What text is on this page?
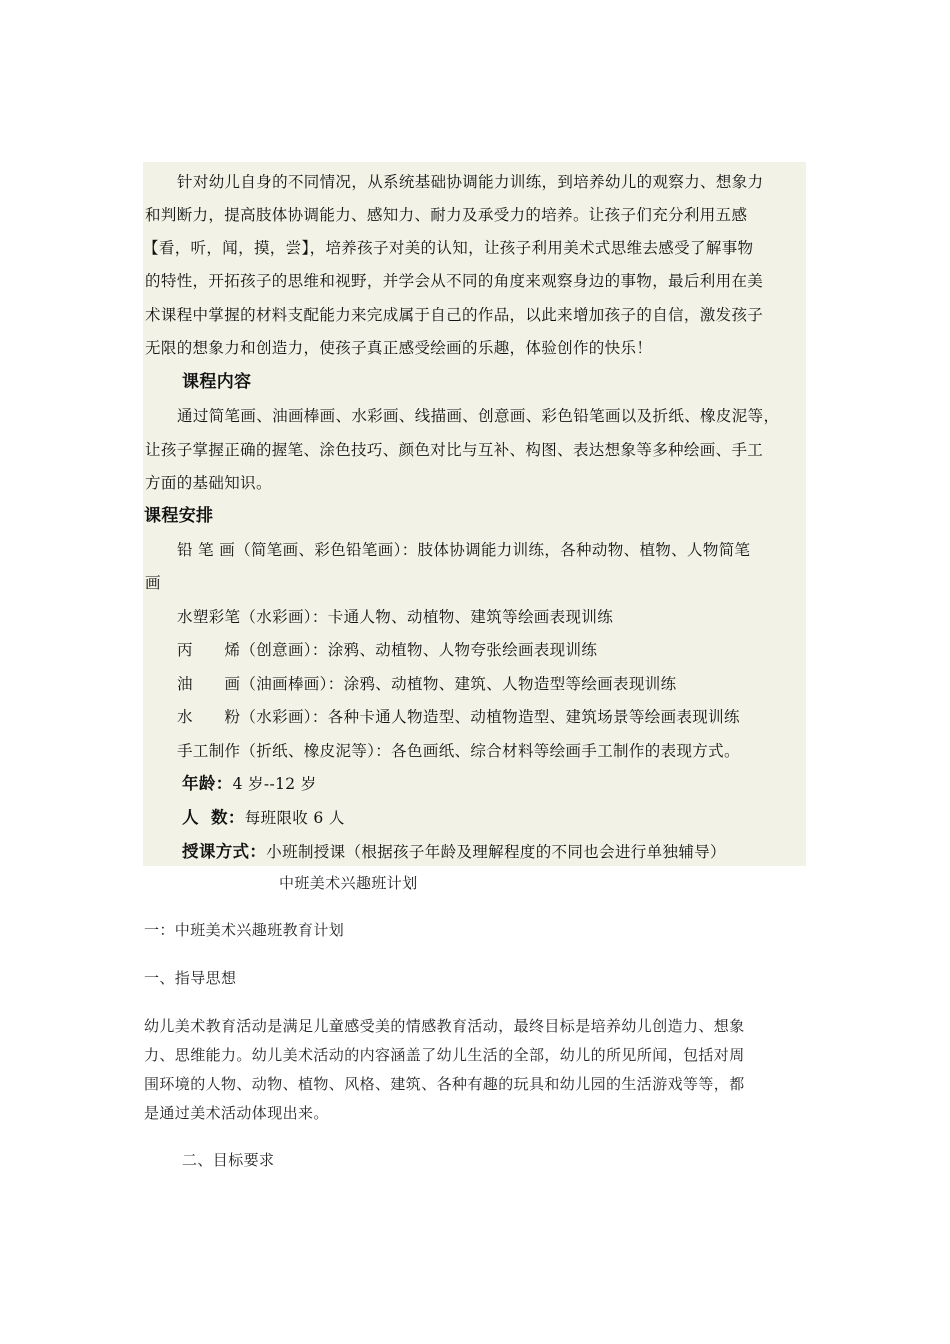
针对幼儿自身的不同情况，从系统基础协调能力训练，到培养幼儿的观察力、想象力
和判断力，提高肢体协调能力、感知力、耐力及承受力的培养。让孩子们充分利用五感
【看，听，闻，摸，尝】，培养孩子对美的认知，让孩子利用美术式思维去感受了解事物
的特性，开拓孩子的思维和视野，并学会从不同的角度来观察身边的事物，最后利用在美
术课程中掌握的材料支配能力来完成属于自己的作品，以此来增加孩子的自信，激发孩子
无限的想象力和创造力，使孩子真正感受绘画的乐趣，体验创作的快乐！
课程内容
通过简笔画、油画棒画、水彩画、线描画、创意画、彩色铅笔画以及折纸、橡皮泥等，
让孩子掌握正确的握笔、涂色技巧、颜色对比与互补、构图、表达想象等多种绘画、手工
方面的基础知识。
课程安排
铅 笔 画（简笔画、彩色铅笔画）：肢体协调能力训练，各种动物、植物、人物简笔
画
水塑彩笔（水彩画）：卡通人物、动植物、建筑等绘画表现训练
丙　　烯（创意画）：涂鸦、动植物、人物夸张绘画表现训练
油　　画（油画棒画）：涂鸦、动植物、建筑、人物造型等绘画表现训练
水　　粉（水彩画）：各种卡通人物造型、动植物造型、建筑场景等绘画表现训练
手工制作（折纸、橡皮泥等）：各色画纸、综合材料等绘画手工制作的表现方式。
年龄：4 岁--12 岁
人  数：每班限收 6 人
授课方式：小班制授课（根据孩子年龄及理解程度的不同也会进行单独辅导）
中班美术兴趣班计划
一：中班美术兴趣班教育计划
一、指导思想
幼儿美术教育活动是满足儿童感受美的情感教育活动，最终目标是培养幼儿创造力、想象
力、思维能力。幼儿美术活动的内容涵盖了幼儿生活的全部，幼儿的所见所闻，包括对周
围环境的人物、动物、植物、风格、建筑、各种有趣的玩具和幼儿园的生活游戏等等，都
是通过美术活动体现出来。
二、目标要求
